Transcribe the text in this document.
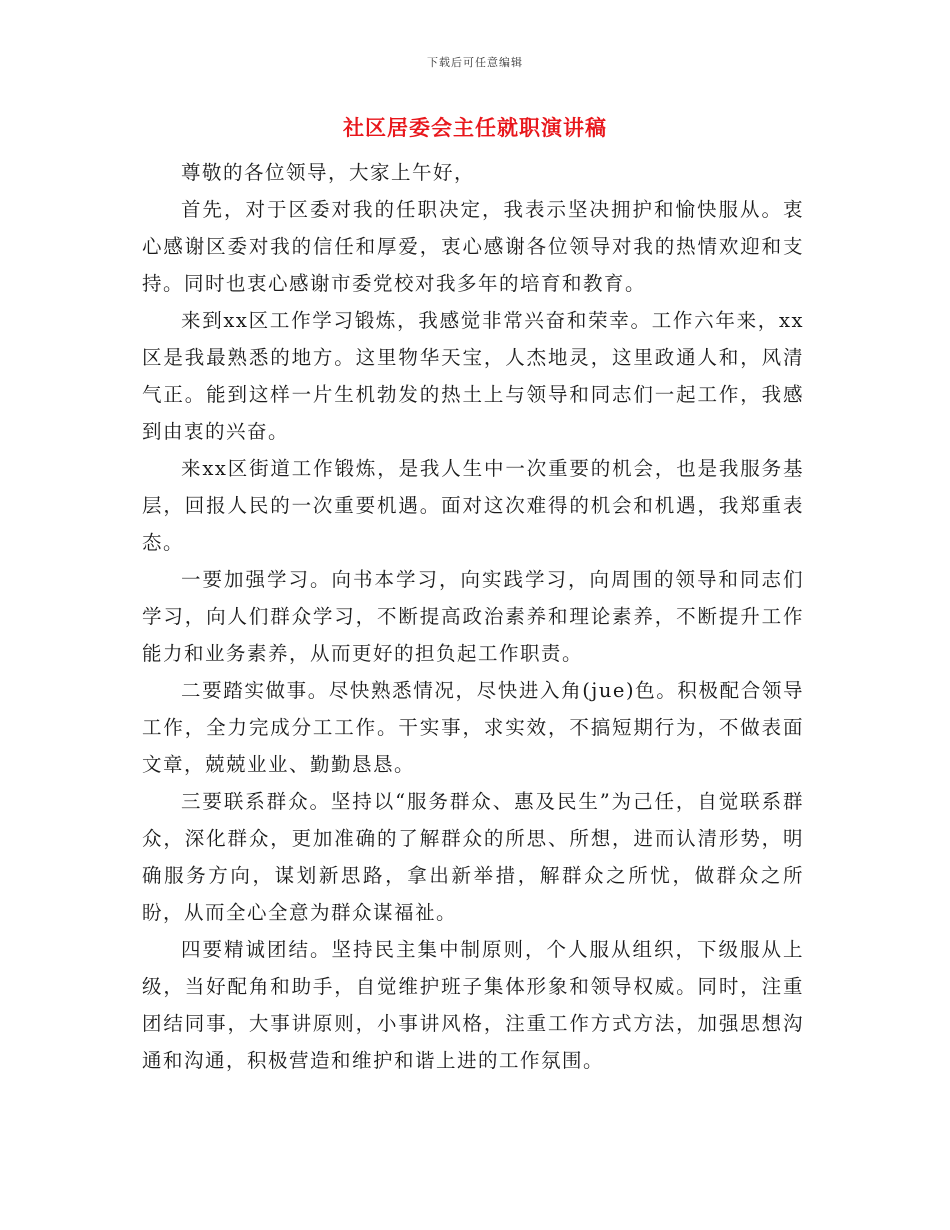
下载后可任意编辑
社区居委会主任就职演讲稿

尊敬的各位领导，大家上午好，

首先，对于区委对我的任职决定，我表示坚决拥护和愉快服从。衷心感谢区委对我的信任和厚爱，衷心感谢各位领导对我的热情欢迎和支持。同时也衷心感谢市委党校对我多年的培育和教育。

来到xx区工作学习锻炼，我感觉非常兴奋和荣幸。工作六年来，xx区是我最熟悉的地方。这里物华天宝，人杰地灵，这里政通人和，风清气正。能到这样一片生机勃发的热土上与领导和同志们一起工作，我感到由衷的兴奋。

来xx区街道工作锻炼，是我人生中一次重要的机会，也是我服务基层，回报人民的一次重要机遇。面对这次难得的机会和机遇，我郑重表态。

一要加强学习。向书本学习，向实践学习，向周围的领导和同志们学习，向人们群众学习，不断提高政治素养和理论素养，不断提升工作能力和业务素养，从而更好的担负起工作职责。

二要踏实做事。尽快熟悉情况，尽快进入角(jue)色。积极配合领导工作，全力完成分工工作。干实事，求实效，不搞短期行为，不做表面文章，兢兢业业、勤勤恳恳。

三要联系群众。坚持以“服务群众、惠及民生”为己任，自觉联系群众，深化群众，更加准确的了解群众的所思、所想，进而认清形势，明确服务方向，谋划新思路，拿出新举措，解群众之所忧，做群众之所盼，从而全心全意为群众谋福祉。

四要精诚团结。坚持民主集中制原则，个人服从组织，下级服从上级，当好配角和助手，自觉维护班子集体形象和领导权威。同时，注重团结同事，大事讲原则，小事讲风格，注重工作方式方法，加强思想沟通和沟通，积极营造和维护和谐上进的工作氛围。
